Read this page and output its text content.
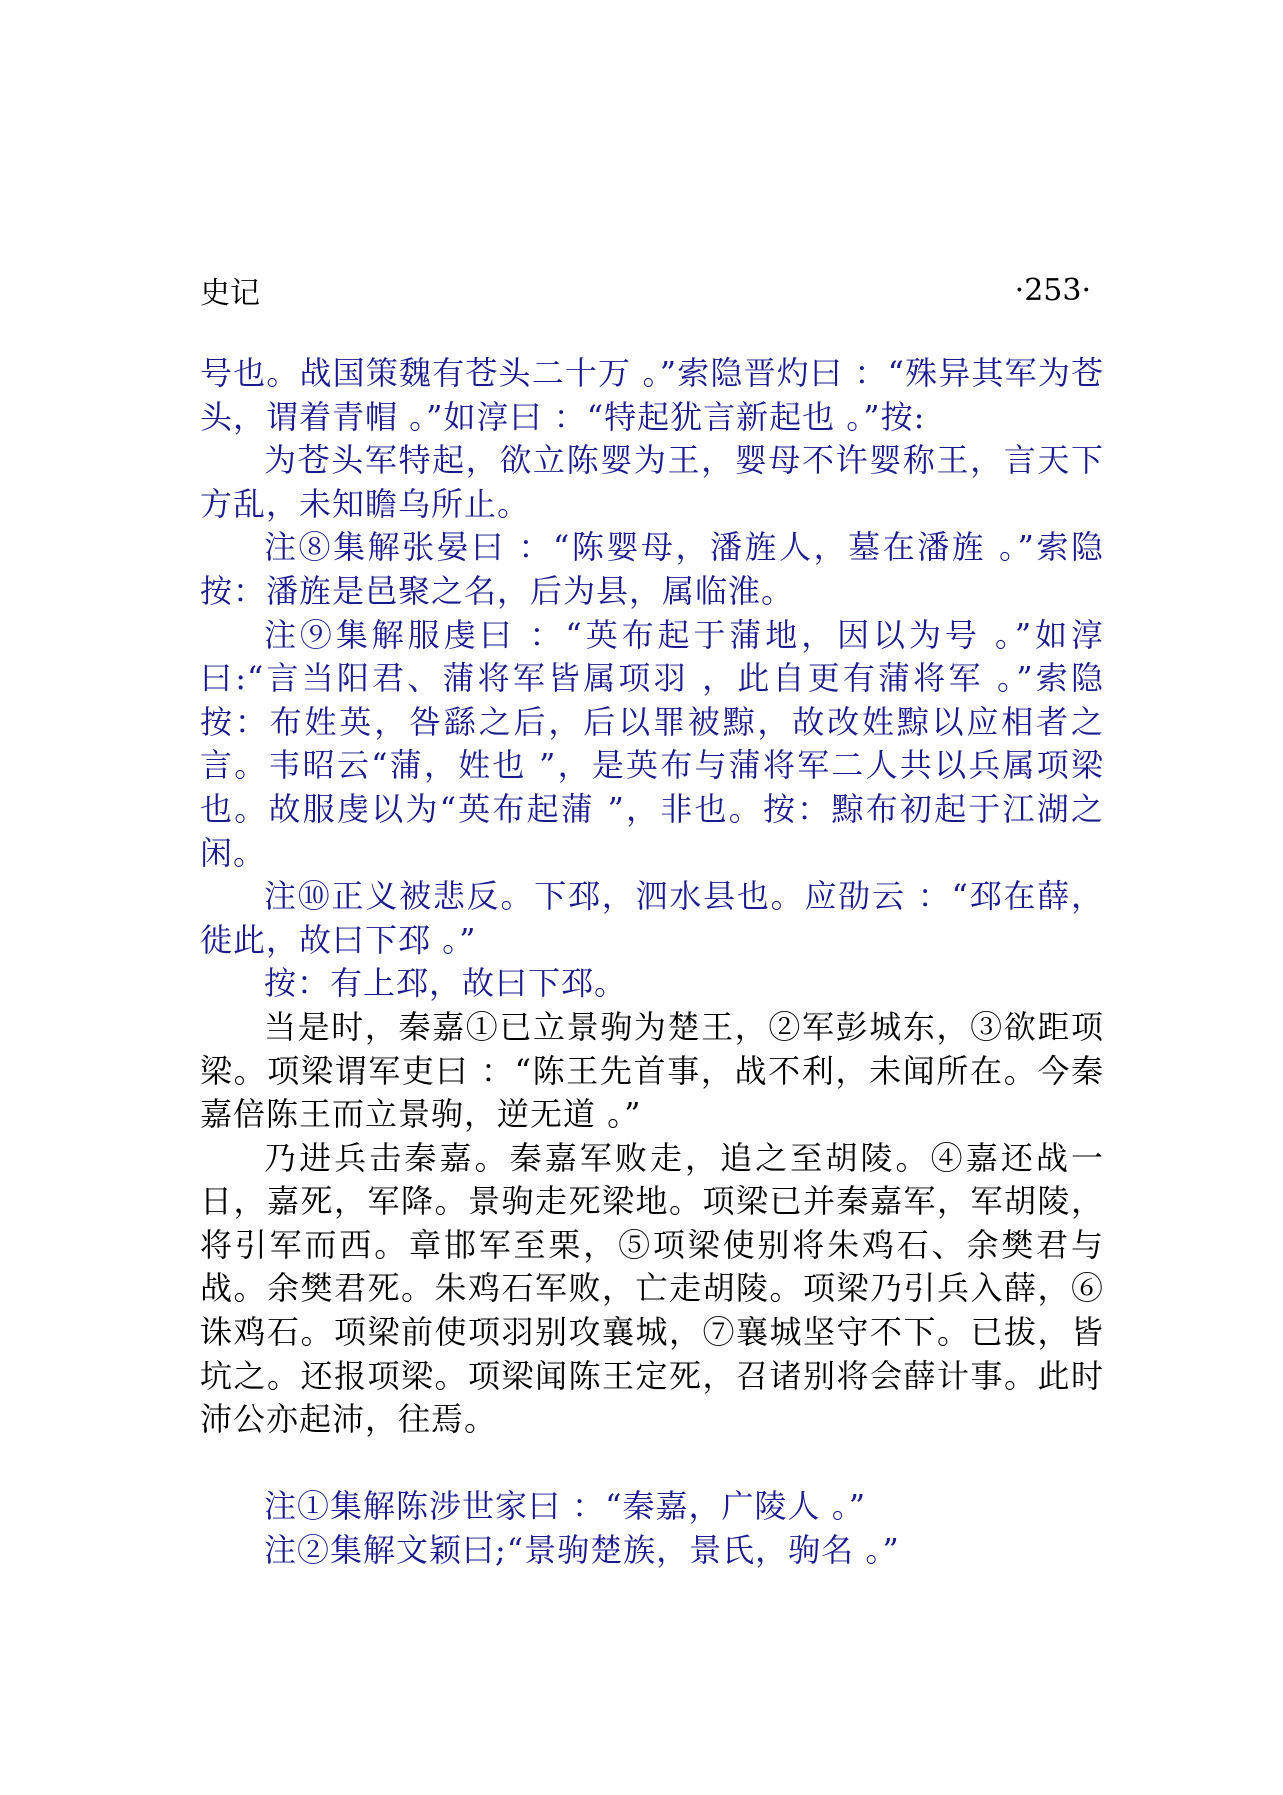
史记	·253·

号也。战国策魏有苍头二十万 。”索隐晋灼曰 ：“殊异其军为苍头，谓着青帽 。”如淳曰 ：“特起犹言新起也 。”按:

为苍头军特起，欲立陈婴为王，婴母不许婴称王，言天下方乱，未知瞻乌所止。

注⑧集解张晏曰 ：“陈婴母，潘旌人，墓在潘旌 。”索隐按：潘旌是邑聚之名，后为县，属临淮。

注⑨集解服虔曰 ：“英布起于蒲地，因以为号 。”如淳曰:“言当阳君、蒲将军皆属项羽 ，此自更有蒲将军 。”索隐按：布姓英，咎繇之后，后以罪被黥，故改姓黥以应相者之言。韦昭云“蒲，姓也 ”，是英布与蒲将军二人共以兵属项梁也。故服虔以为“英布起蒲 ”，非也。按：黥布初起于江湖之闲。

注⑩正义被悲反。下邳，泗水县也。应劭云 ：“邳在薛，徙此，故曰下邳 。”

按：有上邳，故曰下邳。

当是时，秦嘉①已立景驹为楚王，②军彭城东，③欲距项梁。项梁谓军吏曰 ：“陈王先首事，战不利，未闻所在。今秦嘉倍陈王而立景驹，逆无道 。”

乃进兵击秦嘉。秦嘉军败走，追之至胡陵。④嘉还战一日，嘉死，军降。景驹走死梁地。项梁已并秦嘉军，军胡陵，将引军而西。章邯军至栗，⑤项梁使别将朱鸡石、余樊君与战。余樊君死。朱鸡石军败，亡走胡陵。项梁乃引兵入薛，⑥诛鸡石。项梁前使项羽别攻襄城，⑦襄城坚守不下。已拔，皆坑之。还报项梁。项梁闻陈王定死，召诸别将会薛计事。此时沛公亦起沛，往焉。

注①集解陈涉世家曰 ：“秦嘉，广陵人 。”

注②集解文颖曰;“景驹楚族，景氏，驹名 。”
